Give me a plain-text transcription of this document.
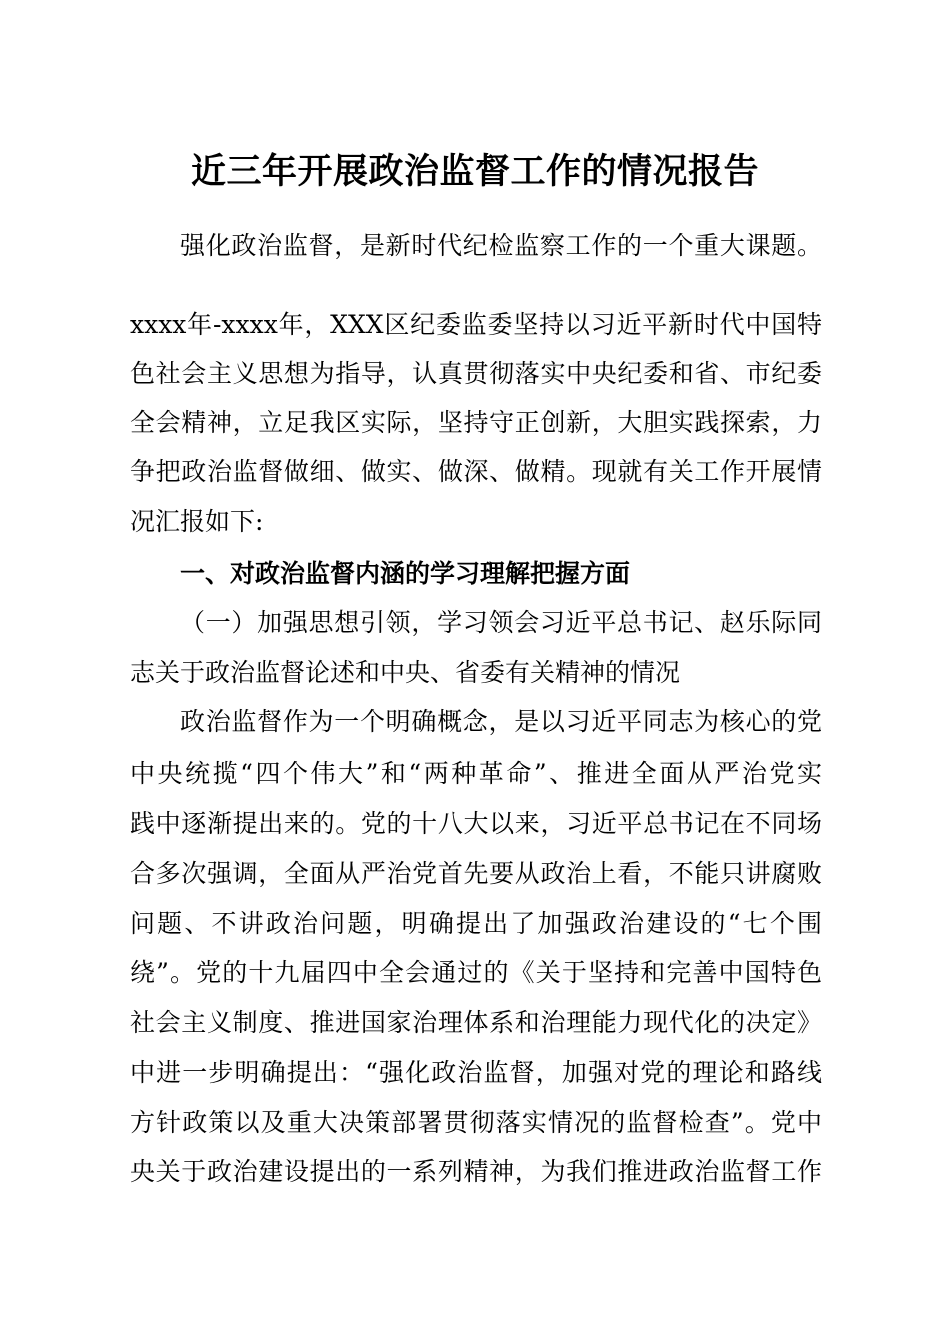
近三年开展政治监督工作的情况报告
强化政治监督，是新时代纪检监察工作的一个重大课题。
xxxx年-xxxx年，XXX区纪委监委坚持以习近平新时代中国特
色社会主义思想为指导，认真贯彻落实中央纪委和省、市纪委
全会精神，立足我区实际，坚持守正创新，大胆实践探索，力
争把政治监督做细、做实、做深、做精。现就有关工作开展情
况汇报如下:
一、对政治监督内涵的学习理解把握方面
（一）加强思想引领，学习领会习近平总书记、赵乐际同
志关于政治监督论述和中央、省委有关精神的情况
政治监督作为一个明确概念，是以习近平同志为核心的党
中央统揽“四个伟大”和“两种革命”、推进全面从严治党实
践中逐渐提出来的。党的十八大以来，习近平总书记在不同场
合多次强调，全面从严治党首先要从政治上看，不能只讲腐败
问题、不讲政治问题，明确提出了加强政治建设的“七个围
绕”。党的十九届四中全会通过的《关于坚持和完善中国特色
社会主义制度、推进国家治理体系和治理能力现代化的决定》
中进一步明确提出：“强化政治监督，加强对党的理论和路线
方针政策以及重大决策部署贯彻落实情况的监督检查”。党中
央关于政治建设提出的一系列精神，为我们推进政治监督工作
